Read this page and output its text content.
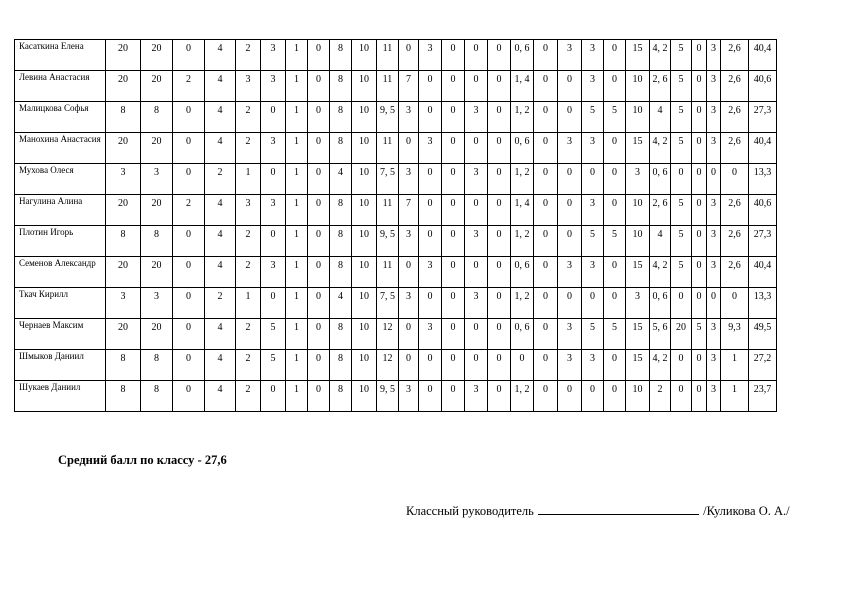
Касаткина Елена	20	20	0	4	2	3	1	0	8	10	11	0	3	0	0	0	0, 6	0	3	3	0	15	4, 2	5	0	3	2,6	40,4

Левина Анастасия	20	20	2	4	3	3	1	0	8	10	11	7	0	0	0	0	1, 4	0	0	3	0	10	2, 6	5	0	3	2,6	40,6

Малицкова Софья	8	8	0	4	2	0	1	0	8	10	9, 5	3	0	0	3	0	1, 2	0	0	5	5	10	4	5	0	3	2,6	27,3

Манохина Анастасия	20	20	0	4	2	3	1	0	8	10	11	0	3	0	0	0	0, 6	0	3	3	0	15	4, 2	5	0	3	2,6	40,4

Мухова Олеся	3	3	0	2	1	0	1	0	4	10	7, 5	3	0	0	3	0	1, 2	0	0	0	0	3	0, 6	0	0	0	0	13,3

Нагулина Алина	20	20	2	4	3	3	1	0	8	10	11	7	0	0	0	0	1, 4	0	0	3	0	10	2, 6	5	0	3	2,6	40,6

Плотин Игорь	8	8	0	4	2	0	1	0	8	10	9, 5	3	0	0	3	0	1, 2	0	0	5	5	10	4	5	0	3	2,6	27,3

Семенов Александр	20	20	0	4	2	3	1	0	8	10	11	0	3	0	0	0	0, 6	0	3	3	0	15	4, 2	5	0	3	2,6	40,4

Ткач Кирилл	3	3	0	2	1	0	1	0	4	10	7, 5	3	0	0	3	0	1, 2	0	0	0	0	3	0, 6	0	0	0	0	13,3

Чернаев Максим	20	20	0	4	2	5	1	0	8	10	12	0	3	0	0	0	0, 6	0	3	5	5	15	5, 6	20	5	3	9,3	49,5

Шмыков Даниил	8	8	0	4	2	5	1	0	8	10	12	0	0	0	0	0	0	0	3	3	0	15	4, 2	0	0	3	1	27,2

Шукаев Даниил	8	8	0	4	2	0	1	0	8	10	9, 5	3	0	0	3	0	1, 2	0	0	0	0	10	2	0	0	3	1	23,7
Средний балл по классу - 27,6
Классный руководитель	/Куликова О. А./
